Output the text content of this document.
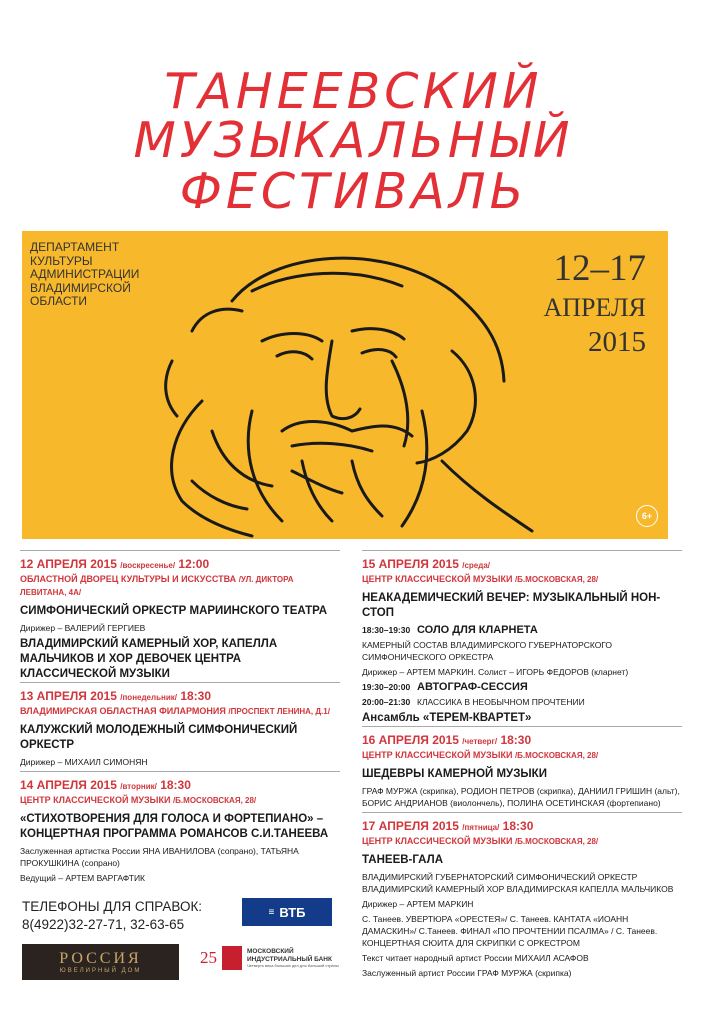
ТАНЕЕВСКИЙ
МУЗЫКАЛЬНЫЙ
ФЕСТИВАЛЬ
ДЕПАРТАМЕНТ
КУЛЬТУРЫ
АДМИНИСТРАЦИИ
ВЛАДИМИРСКОЙ
ОБЛАСТИ
12–17
АПРЕЛЯ
2015
6+
12 АПРЕЛЯ 2015 /воскресенье/ 12:00
ОБЛАСТНОЙ ДВОРЕЦ КУЛЬТУРЫ И ИСКУССТВА /УЛ. ДИКТОРА ЛЕВИТАНА, 4А/
СИМФОНИЧЕСКИЙ ОРКЕСТР МАРИИНСКОГО ТЕАТРА
Дирижер – ВАЛЕРИЙ ГЕРГИЕВ
ВЛАДИМИРСКИЙ КАМЕРНЫЙ ХОР, КАПЕЛЛА МАЛЬЧИКОВ И ХОР ДЕВОЧЕК ЦЕНТРА КЛАССИЧЕСКОЙ МУЗЫКИ
13 АПРЕЛЯ 2015 /понедельник/ 18:30
ВЛАДИМИРСКАЯ ОБЛАСТНАЯ ФИЛАРМОНИЯ /ПРОСПЕКТ ЛЕНИНА, Д.1/
КАЛУЖСКИЙ МОЛОДЕЖНЫЙ СИМФОНИЧЕСКИЙ ОРКЕСТР
Дирижер – МИХАИЛ СИМОНЯН
14 АПРЕЛЯ 2015 /вторник/ 18:30
ЦЕНТР КЛАССИЧЕСКОЙ МУЗЫКИ /Б.МОСКОВСКАЯ, 28/
«СТИХОТВОРЕНИЯ ДЛЯ ГОЛОСА И ФОРТЕПИАНО» – КОНЦЕРТНАЯ ПРОГРАММА РОМАНСОВ С.И.ТАНЕЕВА
Заслуженная артистка России ЯНА ИВАНИЛОВА (сопрано), ТАТЬЯНА ПРОКУШКИНА (сопрано)
Ведущий – АРТЕМ ВАРГАФТИК
15 АПРЕЛЯ 2015 /среда/
ЦЕНТР КЛАССИЧЕСКОЙ МУЗЫКИ /Б.МОСКОВСКАЯ, 28/
НЕАКАДЕМИЧЕСКИЙ ВЕЧЕР: МУЗЫКАЛЬНЫЙ НОН-СТОП
18:30–19:30 СОЛО ДЛЯ КЛАРНЕТА
КАМЕРНЫЙ СОСТАВ ВЛАДИМИРСКОГО ГУБЕРНАТОРСКОГО СИМФОНИЧЕСКОГО ОРКЕСТРА
Дирижер – АРТЕМ МАРКИН. Солист – ИГОРЬ ФЕДОРОВ (кларнет)
19:30–20:00 АВТОГРАФ-СЕССИЯ
20:00–21:30 КЛАССИКА В НЕОБЫЧНОМ ПРОЧТЕНИИ
Ансамбль «ТЕРЕМ-КВАРТЕТ»
16 АПРЕЛЯ 2015 /четверг/ 18:30
ЦЕНТР КЛАССИЧЕСКОЙ МУЗЫКИ /Б.МОСКОВСКАЯ, 28/
ШЕДЕВРЫ КАМЕРНОЙ МУЗЫКИ
ГРАФ МУРЖА (скрипка), РОДИОН ПЕТРОВ (скрипка), ДАНИИЛ ГРИШИН (альт), БОРИС АНДРИАНОВ (виолончель), ПОЛИНА ОСЕТИНСКАЯ (фортепиано)
17 АПРЕЛЯ 2015 /пятница/ 18:30
ЦЕНТР КЛАССИЧЕСКОЙ МУЗЫКИ /Б.МОСКОВСКАЯ, 28/
ТАНЕЕВ-ГАЛА
ВЛАДИМИРСКИЙ ГУБЕРНАТОРСКИЙ СИМФОНИЧЕСКИЙ ОРКЕСТР ВЛАДИМИРСКИЙ КАМЕРНЫЙ ХОР ВЛАДИМИРСКАЯ КАПЕЛЛА МАЛЬЧИКОВ
Дирижер – АРТЕМ МАРКИН
С. Танеев. УВЕРТЮРА «ОРЕСТЕЯ»/ С. Танеев. КАНТАТА «ИОАНН ДАМАСКИН»/ С.Танеев. ФИНАЛ «ПО ПРОЧТЕНИИ ПСАЛМА» / С. Танеев. КОНЦЕРТНАЯ СЮИТА ДЛЯ СКРИПКИ С ОРКЕСТРОМ
Текст читает народный артист России МИХАИЛ АСАФОВ
Заслуженный артист России ГРАФ МУРЖА (скрипка)
ТЕЛЕФОНЫ ДЛЯ СПРАВОК:
8(4922)32-27-71, 32-63-65
≡ ВТБ
РОССИЯ
ЮВЕЛИРНЫЙ ДОМ
25	МОСКОВСКИЙ ИНДУСТРИАЛЬНЫЙ БАНК
Четверть века больших дел для большой страны
